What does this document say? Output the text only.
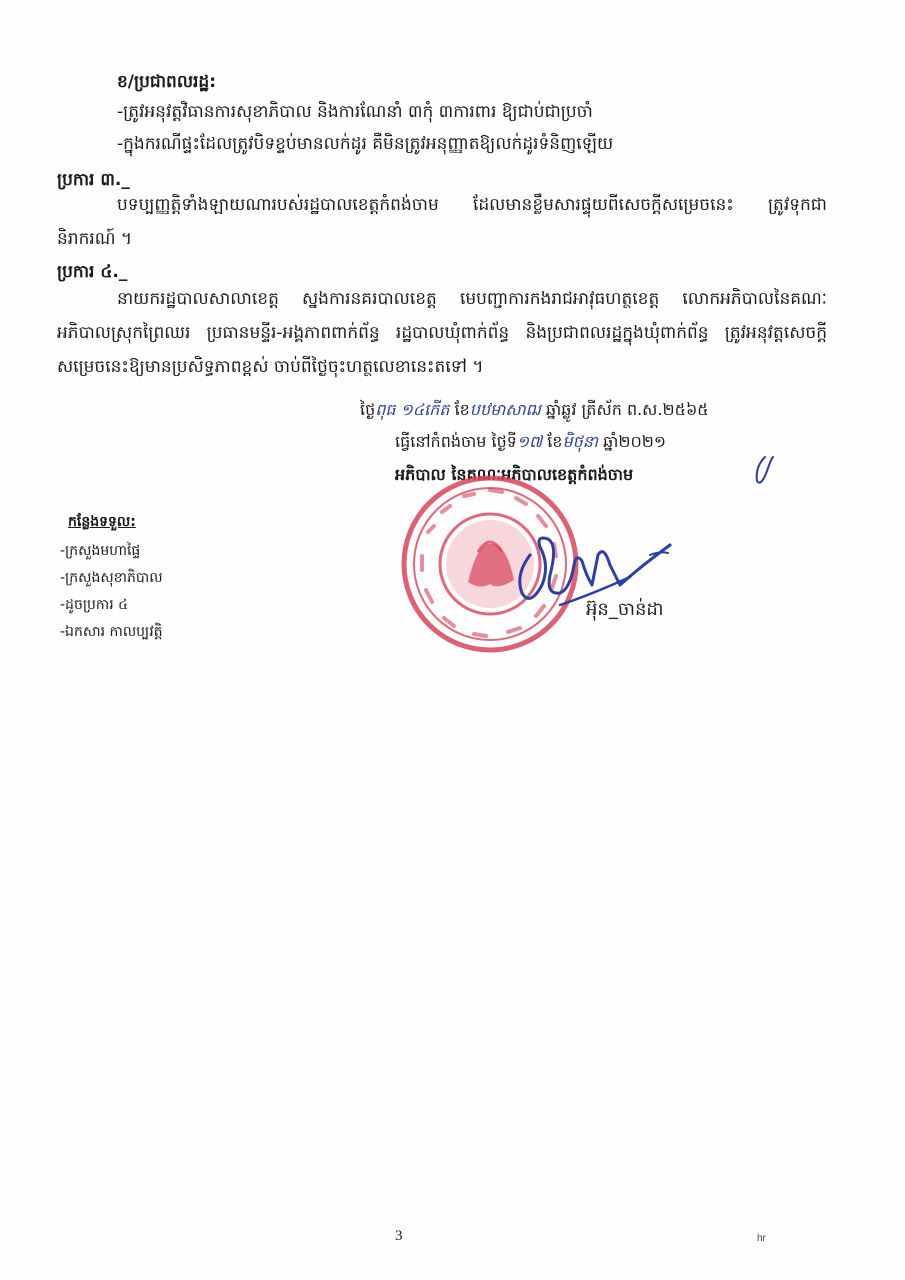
ខ/ប្រជាពលរដ្ឋ:
-ត្រូវអនុវត្តវិធានការសុខាភិបាល និងការណែនាំ ៣កុំ ៣ការពារ ឱ្យជាប់ជាប្រចាំ
-ក្នុងករណីផ្ទះដែលត្រូវបិទខ្ទប់មានលក់ដូរ គឺមិនត្រូវអនុញ្ញាតឱ្យលក់ដូរទំនិញឡើយ
ប្រការ ៣._
បទប្បញ្ញត្តិទាំងឡាយណារបស់រដ្ឋបាលខេត្តកំពង់ចាម ដែលមានខ្លឹមសារផ្ទុយពីសេចក្ដីសម្រេចនេះ ត្រូវទុកជានិរាករណ៍ ។
ប្រការ ៤._
នាយករដ្ឋបាលសាលាខេត្ត ស្នងការនគរបាលខេត្ត មេបញ្ជាការកងរាជអាវុធហត្ថខេត្ត លោកអភិបាលនៃគណៈអភិបាលស្រុកព្រៃឈរ ប្រធានមន្ទីរ-អង្គភាពពាក់ព័ន្ធ រដ្ឋបាលឃុំពាក់ព័ន្ធ និងប្រជាពលរដ្ឋក្នុងឃុំពាក់ព័ន្ធ ត្រូវអនុវត្តសេចក្ដីសម្រេចនេះឱ្យមានប្រសិទ្ធភាពខ្ពស់ ចាប់ពីថ្ងៃចុះហត្ថលេខានេះតទៅ ។
ថ្ងៃពុធ ១៤កើត ខែបឋមាសាឍ ឆ្នាំឆ្លូវ ត្រីស័ក ព.ស.២៥៦៥
ធ្វើនៅកំពង់ចាម ថ្ងៃទី១៧ ខែមិថុនា ឆ្នាំ២០២១
អភិបាល នៃគណៈអភិបាលខេត្តកំពង់ចាម
អ៊ុន_ចាន់ដា
កន្លែងទទួល:
-ក្រសួងមហាផ្ទៃ
-ក្រសួងសុខាភិបាល
-ដូចប្រការ ៤
-ឯកសារ កាលប្បវត្តិ
3	hr
